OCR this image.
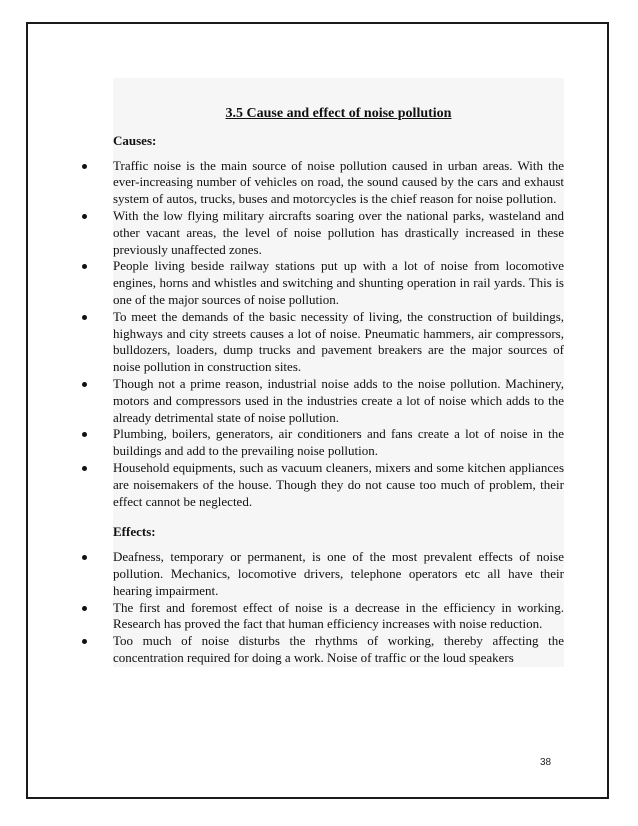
3.5 Cause and effect of noise pollution
Causes:
Traffic noise is the main source of noise pollution caused in urban areas. With the ever-increasing number of vehicles on road, the sound caused by the cars and exhaust system of autos, trucks, buses and motorcycles is the chief reason for noise pollution.
With the low flying military aircrafts soaring over the national parks, wasteland and other vacant areas, the level of noise pollution has drastically increased in these previously unaffected zones.
People living beside railway stations put up with a lot of noise from locomotive engines, horns and whistles and switching and shunting operation in rail yards. This is one of the major sources of noise pollution.
To meet the demands of the basic necessity of living, the construction of buildings, highways and city streets causes a lot of noise. Pneumatic hammers, air compressors, bulldozers, loaders, dump trucks and pavement breakers are the major sources of noise pollution in construction sites.
Though not a prime reason, industrial noise adds to the noise pollution. Machinery, motors and compressors used in the industries create a lot of noise which adds to the already detrimental state of noise pollution.
Plumbing, boilers, generators, air conditioners and fans create a lot of noise in the buildings and add to the prevailing noise pollution.
Household equipments, such as vacuum cleaners, mixers and some kitchen appliances are noisemakers of the house. Though they do not cause too much of problem, their effect cannot be neglected.
Effects:
Deafness, temporary or permanent, is one of the most prevalent effects of noise pollution. Mechanics, locomotive drivers, telephone operators etc all have their hearing impairment.
The first and foremost effect of noise is a decrease in the efficiency in working. Research has proved the fact that human efficiency increases with noise reduction.
Too much of noise disturbs the rhythms of working, thereby affecting the concentration required for doing a work. Noise of traffic or the loud speakers
38
